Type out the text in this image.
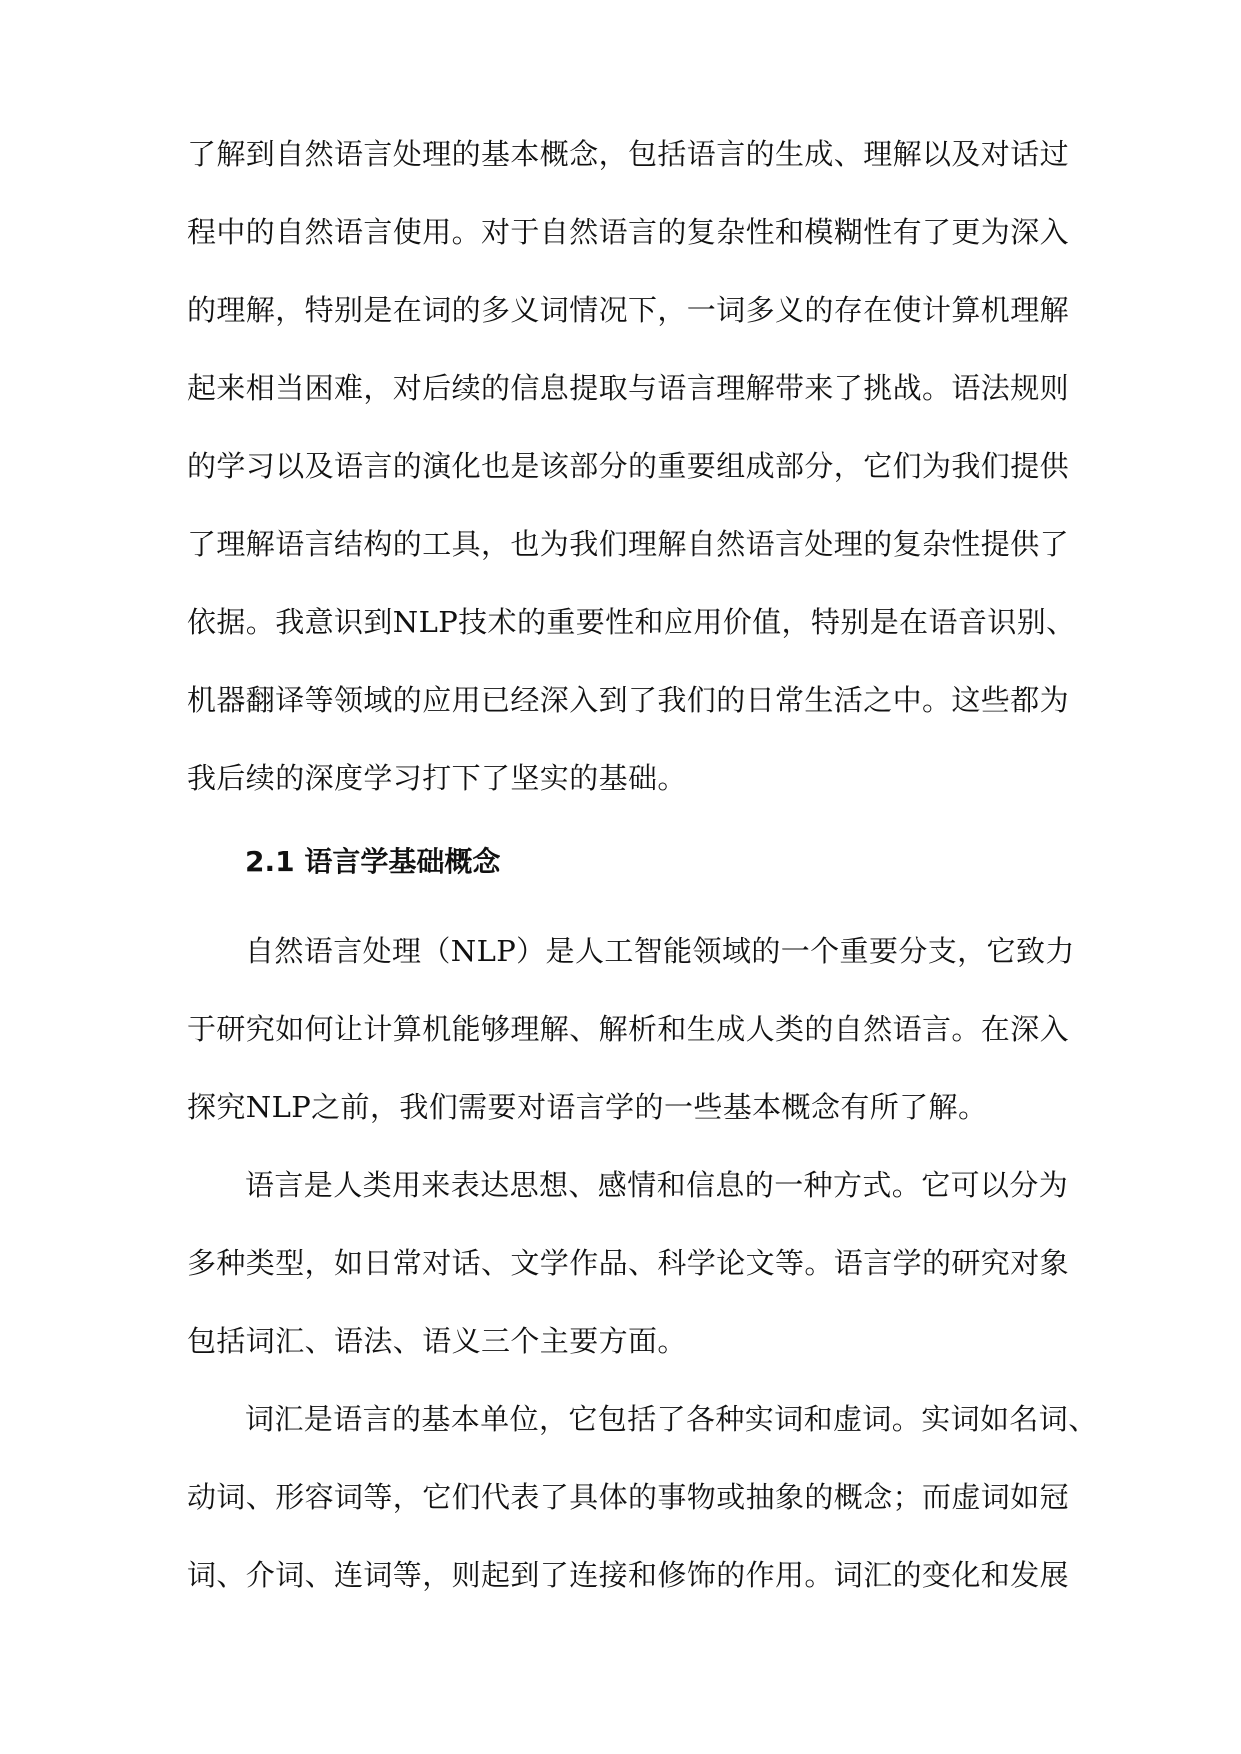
了解到自然语言处理的基本概念，包括语言的生成、理解以及对话过
程中的自然语言使用。对于自然语言的复杂性和模糊性有了更为深入
的理解，特别是在词的多义词情况下，一词多义的存在使计算机理解
起来相当困难，对后续的信息提取与语言理解带来了挑战。语法规则
的学习以及语言的演化也是该部分的重要组成部分，它们为我们提供
了理解语言结构的工具，也为我们理解自然语言处理的复杂性提供了
依据。我意识到NLP技术的重要性和应用价值，特别是在语音识别、
机器翻译等领域的应用已经深入到了我们的日常生活之中。这些都为
我后续的深度学习打下了坚实的基础。
2.1 语言学基础概念
自然语言处理（NLP）是人工智能领域的一个重要分支，它致力
于研究如何让计算机能够理解、解析和生成人类的自然语言。在深入
探究NLP之前，我们需要对语言学的一些基本概念有所了解。
语言是人类用来表达思想、感情和信息的一种方式。它可以分为
多种类型，如日常对话、文学作品、科学论文等。语言学的研究对象
包括词汇、语法、语义三个主要方面。
词汇是语言的基本单位，它包括了各种实词和虚词。实词如名词、
动词、形容词等，它们代表了具体的事物或抽象的概念；而虚词如冠
词、介词、连词等，则起到了连接和修饰的作用。词汇的变化和发展
